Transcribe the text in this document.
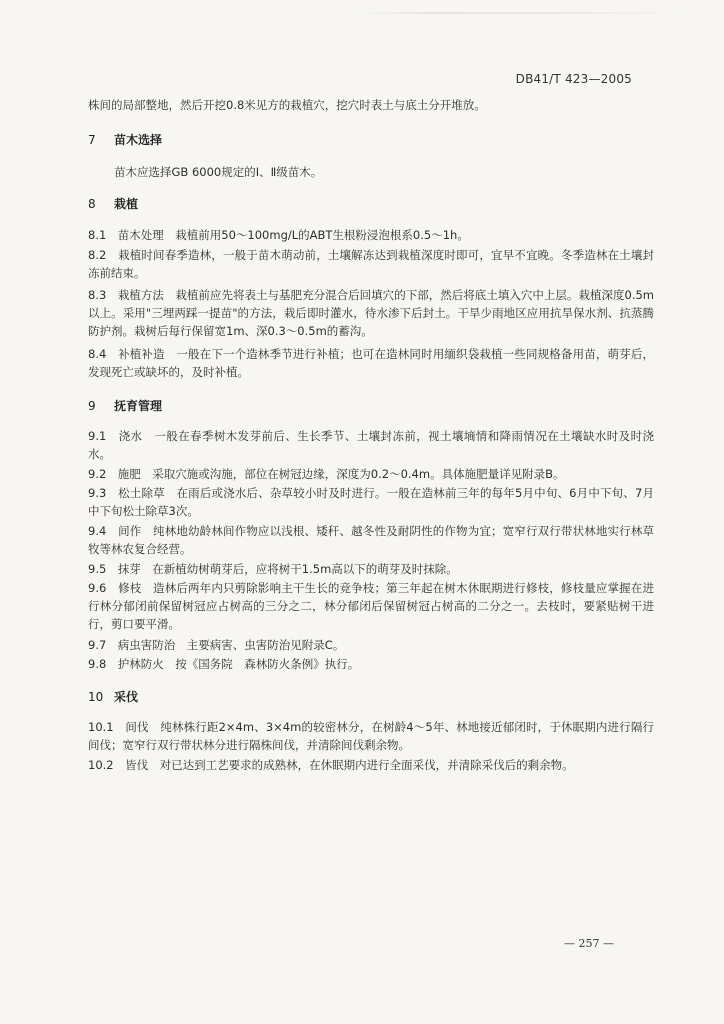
DB41/T 423—2005
株间的局部整地，然后开挖0.8米见方的栽植穴，挖穴时表土与底土分开堆放。
7 苗木选择
苗木应选择GB 6000规定的Ⅰ、Ⅱ级苗木。
8 栽植
8.1　苗木处理　栽植前用50～100mg/L的ABT生根粉浸泡根系0.5～1h。
8.2　栽植时间春季造林，一般于苗木萌动前，土壤解冻达到栽植深度时即可，宜早不宜晚。冬季造林在土壤封冻前结束。
8.3　栽植方法　栽植前应先将表土与基肥充分混合后回填穴的下部，然后将底土填入穴中上层。栽植深度0.5m以上。采用"三埋两踩一提苗"的方法，栽后即时灌水，待水渗下后封土。干旱少雨地区应用抗旱保水剂、抗蒸腾防护剂。栽树后每行保留宽1m、深0.3～0.5m的蓄沟。
8.4　补植补造　一般在下一个造林季节进行补植；也可在造林同时用缅织袋栽植一些同规格备用苗，萌芽后，发现死亡或缺坏的，及时补植。
9 抚育管理
9.1　浇水　一般在春季树木发芽前后、生长季节、土壤封冻前，视土壤墒情和降雨情况在土壤缺水时及时浇水。
9.2　施肥　采取穴施或沟施，部位在树冠边缘，深度为0.2～0.4m。具体施肥量详见附录B。
9.3　松土除草　在雨后或浇水后、杂草较小时及时进行。一般在造林前三年的每年5月中旬、6月中下旬、7月中下旬松土除草3次。
9.4　间作　纯林地幼龄林间作物应以浅根、矮秆、越冬性及耐阴性的作物为宜；宽窄行双行带状林地实行林草牧等林农复合经营。
9.5　抹芽　在新植幼树萌芽后，应将树干1.5m高以下的萌芽及时抹除。
9.6　修枝　造林后两年内只剪除影响主干生长的竞争枝；第三年起在树木休眠期进行修枝，修枝量应掌握在进行林分郁闭前保留树冠应占树高的三分之二，林分郁闭后保留树冠占树高的二分之一。去枝时，要紧贴树干进行，剪口要平滑。
9.7　病虫害防治　主要病害、虫害防治见附录C。
9.8　护林防火　按《国务院　森林防火条例》执行。
10 采伐
10.1　间伐　纯林株行距2×4m、3×4m的较密林分，在树龄4～5年、林地接近郁闭时，于休眠期内进行隔行间伐；宽窄行双行带状林分进行隔株间伐，并清除间伐剩余物。
10.2　皆伐　对已达到工艺要求的成熟林，在休眠期内进行全面采伐，并清除采伐后的剩余物。
— 257 —
